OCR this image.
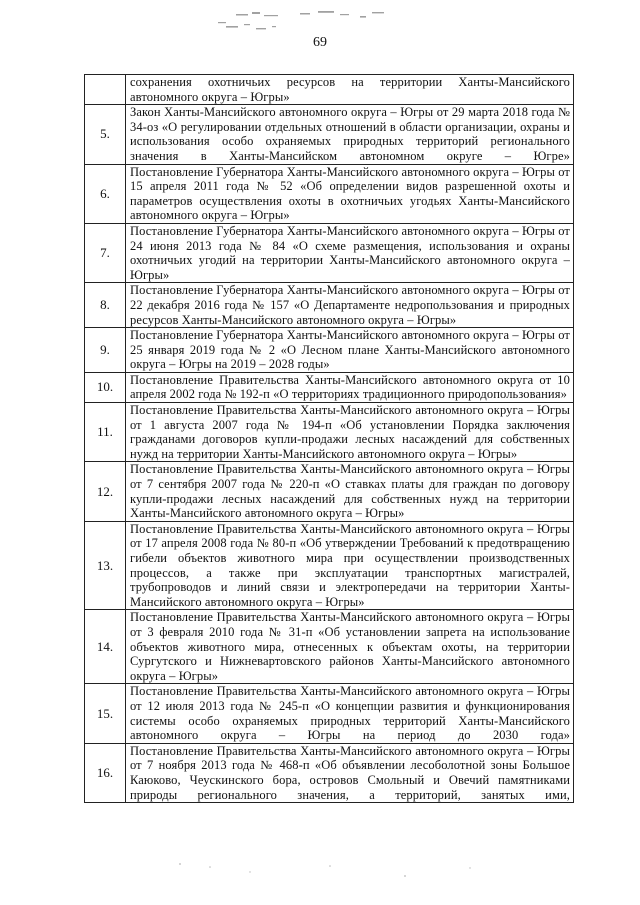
69

	сохранения охотничьих ресурсов на территории Ханты-Мансийского автономного округа – Югры»

5.	Закон Ханты-Мансийского автономного округа – Югры от 29 марта 2018 года № 34-оз «О регулировании отдельных отношений в области организации, охраны и использования особо охраняемых природных территорий регионального значения в Ханты-Мансийском автономном округе – Югре»

6.	Постановление Губернатора Ханты-Мансийского автономного округа – Югры от 15 апреля 2011 года № 52 «Об определении видов разрешенной охоты и параметров осуществления охоты в охотничьих угодьях Ханты-Мансийского автономного округа – Югры»

7.	Постановление Губернатора Ханты-Мансийского автономного округа – Югры от 24 июня 2013 года № 84 «О схеме размещения, использования и охраны охотничьих угодий на территории Ханты-Мансийского автономного округа – Югры»

8.	Постановление Губернатора Ханты-Мансийского автономного округа – Югры от 22 декабря 2016 года № 157 «О Департаменте недропользования и природных ресурсов Ханты-Мансийского автономного округа – Югры»

9.	Постановление Губернатора Ханты-Мансийского автономного округа – Югры от 25 января 2019 года № 2 «О Лесном плане Ханты-Мансийского автономного округа – Югры на 2019 – 2028 годы»

10.	Постановление Правительства Ханты-Мансийского автономного округа от 10 апреля 2002 года № 192-п «О территориях традиционного природопользования»

11.	Постановление Правительства Ханты-Мансийского автономного округа – Югры от 1 августа 2007 года № 194-п «Об установлении Порядка заключения гражданами договоров купли-продажи лесных насаждений для собственных нужд на территории Ханты-Мансийского автономного округа – Югры»

12.	Постановление Правительства Ханты-Мансийского автономного округа – Югры от 7 сентября 2007 года № 220-п «О ставках платы для граждан по договору купли-продажи лесных насаждений для собственных нужд на территории Ханты-Мансийского автономного округа – Югры»

13.	Постановление Правительства Ханты-Мансийского автономного округа – Югры от 17 апреля 2008 года № 80-п «Об утверждении Требований к предотвращению гибели объектов животного мира при осуществлении производственных процессов, а также при эксплуатации транспортных магистралей, трубопроводов и линий связи и электропередачи на территории Ханты-Мансийского автономного округа – Югры»

14.	Постановление Правительства Ханты-Мансийского автономного округа – Югры от 3 февраля 2010 года № 31-п «Об установлении запрета на использование объектов животного мира, отнесенных к объектам охоты, на территории Сургутского и Нижневартовского районов Ханты-Мансийского автономного округа – Югры»

15.	Постановление Правительства Ханты-Мансийского автономного округа – Югры от 12 июля 2013 года № 245-п «О концепции развития и функционирования системы особо охраняемых природных территорий Ханты-Мансийского автономного округа – Югры на период до 2030 года»

16.	Постановление Правительства Ханты-Мансийского автономного округа – Югры от 7 ноября 2013 года № 468-п «Об объявлении лесоболотной зоны Большое Каюково, Чеускинского бора, островов Смольный и Овечий памятниками природы регионального значения, а территорий, занятых ими,
